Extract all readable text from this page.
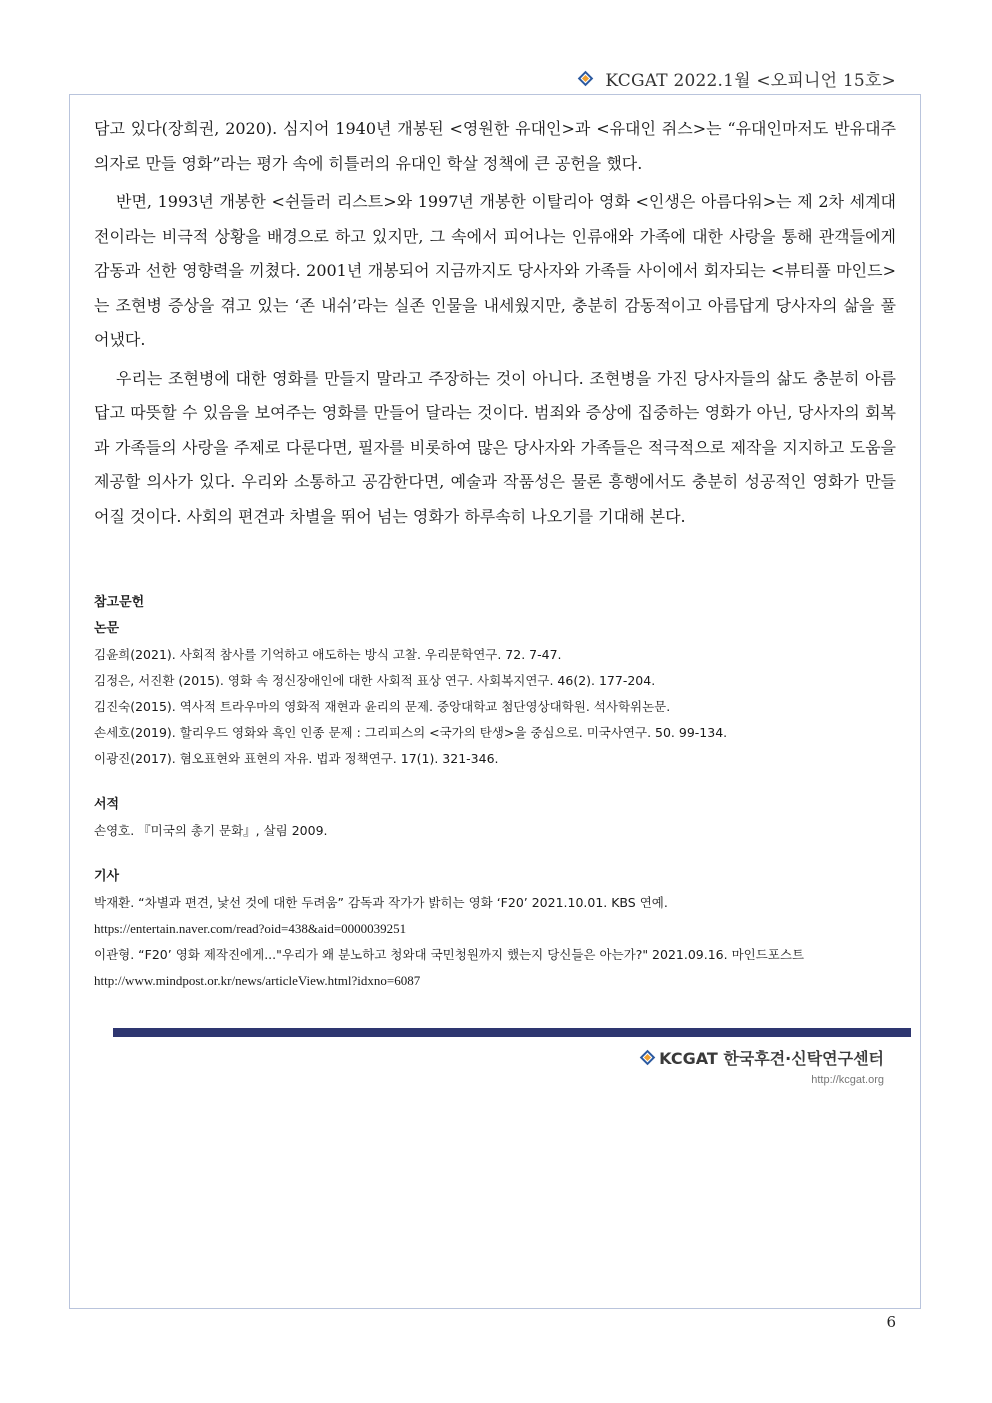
KCGAT 2022.1월 <오피니언 15호>

담고 있다(장희권, 2020). 심지어 1940년 개봉된 <영원한 유대인>과 <유대인 쥐스>는 “유대인마저도 반유대주의자로 만들 영화”라는 평가 속에 히틀러의 유대인 학살 정책에 큰 공헌을 했다.

반면, 1993년 개봉한 <쉰들러 리스트>와 1997년 개봉한 이탈리아 영화 <인생은 아름다워>는 제 2차 세계대전이라는 비극적 상황을 배경으로 하고 있지만, 그 속에서 피어나는 인류애와 가족에 대한 사랑을 통해 관객들에게 감동과 선한 영향력을 끼쳤다. 2001년 개봉되어 지금까지도 당사자와 가족들 사이에서 회자되는 <뷰티풀 마인드>는 조현병 증상을 겪고 있는 ‘존 내쉬’라는 실존 인물을 내세웠지만, 충분히 감동적이고 아름답게 당사자의 삶을 풀어냈다.

우리는 조현병에 대한 영화를 만들지 말라고 주장하는 것이 아니다. 조현병을 가진 당사자들의 삶도 충분히 아름답고 따뜻할 수 있음을 보여주는 영화를 만들어 달라는 것이다. 범죄와 증상에 집중하는 영화가 아닌, 당사자의 회복과 가족들의 사랑을 주제로 다룬다면, 필자를 비롯하여 많은 당사자와 가족들은 적극적으로 제작을 지지하고 도움을 제공할 의사가 있다. 우리와 소통하고 공감한다면, 예술과 작품성은 물론 흥행에서도 충분히 성공적인 영화가 만들어질 것이다. 사회의 편견과 차별을 뛰어 넘는 영화가 하루속히 나오기를 기대해 본다.

참고문헌
논문
김윤희(2021). 사회적 참사를 기억하고 애도하는 방식 고찰. 우리문학연구. 72. 7-47.
김정은, 서진환 (2015). 영화 속 정신장애인에 대한 사회적 표상 연구. 사회복지연구. 46(2). 177-204.
김진숙(2015). 역사적 트라우마의 영화적 재현과 윤리의 문제. 중앙대학교 첨단영상대학원. 석사학위논문.
손세호(2019). 할리우드 영화와 흑인 인종 문제 : 그리피스의 <국가의 탄생>을 중심으로. 미국사연구. 50. 99-134.
이광진(2017). 혐오표현와 표현의 자유. 법과 정책연구. 17(1). 321-346.
서적
손영호. 『미국의 총기 문화』, 살림 2009.
기사
박재환. “차별과 편견, 낯선 것에 대한 두려움” 감독과 작가가 밝히는 영화 ‘F20’ 2021.10.01. KBS 연예.
https://entertain.naver.com/read?oid=438&aid=0000039251
이관형. “F20’ 영화 제작진에게..."우리가 왜 분노하고 청와대 국민청원까지 했는지 당신들은 아는가?" 2021.09.16. 마인드포스트
http://www.mindpost.or.kr/news/articleView.html?idxno=6087
KCGAT 한국후견·신탁연구센터
http://kcgat.org
6
